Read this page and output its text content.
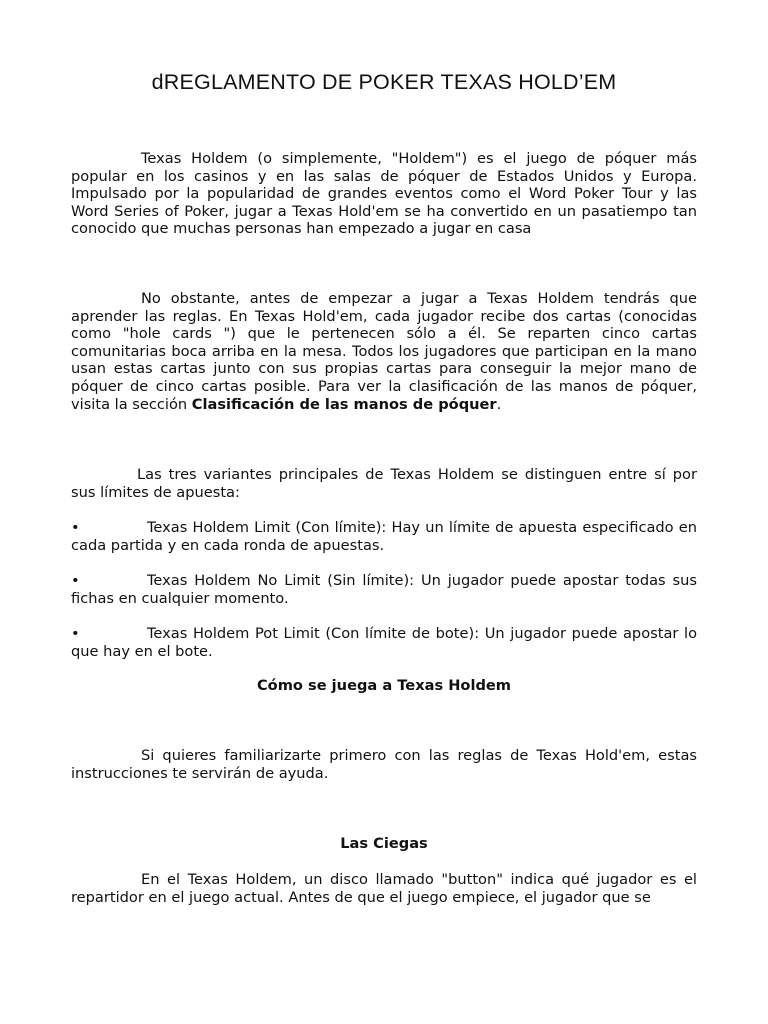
dREGLAMENTO DE POKER TEXAS HOLD’EM

Texas Holdem (o simplemente, "Holdem") es el juego de póquer más popular en los casinos y en las salas de póquer de Estados Unidos y Europa. Impulsado por la popularidad de grandes eventos como el Word Poker Tour y las Word Series of Poker, jugar a Texas Hold'em se ha convertido en un pasatiempo tan conocido que muchas personas han empezado a jugar en casa

No obstante, antes de empezar a jugar a Texas Holdem tendrás que aprender las reglas. En Texas Hold'em, cada jugador recibe dos cartas (conocidas como "hole cards ") que le pertenecen sólo a él. Se reparten cinco cartas comunitarias boca arriba en la mesa. Todos los jugadores que participan en la mano usan estas cartas junto con sus propias cartas para conseguir la mejor mano de póquer de cinco cartas posible. Para ver la clasificación de las manos de póquer, visita la sección Clasificación de las manos de póquer.

Las tres variantes principales de Texas Holdem se distinguen entre sí por sus límites de apuesta:

•	Texas Holdem Limit (Con límite): Hay un límite de apuesta especificado en cada partida y en cada ronda de apuestas.

•	Texas Holdem No Limit (Sin límite): Un jugador puede apostar todas sus fichas en cualquier momento.

•	Texas Holdem Pot Limit (Con límite de bote): Un jugador puede apostar lo que hay en el bote.

Cómo se juega a Texas Holdem

Si quieres familiarizarte primero con las reglas de Texas Hold'em, estas instrucciones te servirán de ayuda.

Las Ciegas

En el Texas Holdem, un disco llamado "button" indica qué jugador es el repartidor en el juego actual. Antes de que el juego empiece, el jugador que se
